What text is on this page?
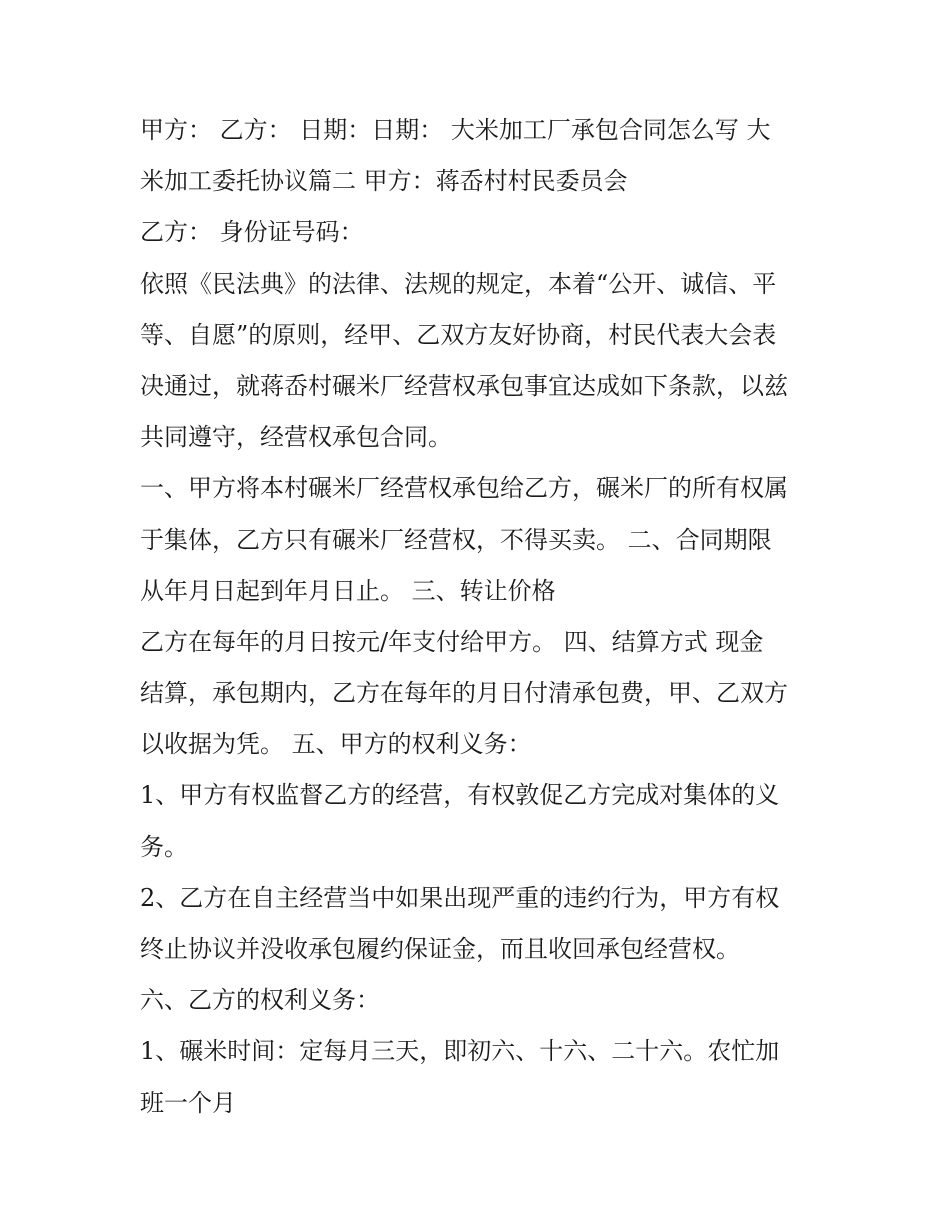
甲方： 乙方： 日期：日期： 大米加工厂承包合同怎么写 大
米加工委托协议篇二 甲方：蒋岙村村民委员会
乙方： 身份证号码：
依照《民法典》的法律、法规的规定，本着“公开、诚信、平
等、自愿”的原则，经甲、乙双方友好协商，村民代表大会表
决通过，就蒋岙村碾米厂经营权承包事宜达成如下条款，以兹
共同遵守，经营权承包合同。
一、甲方将本村碾米厂经营权承包给乙方，碾米厂的所有权属
于集体，乙方只有碾米厂经营权，不得买卖。 二、合同期限
从年月日起到年月日止。 三、转让价格
乙方在每年的月日按元/年支付给甲方。 四、结算方式 现金
结算，承包期内，乙方在每年的月日付清承包费，甲、乙双方
以收据为凭。 五、甲方的权利义务：
1、甲方有权监督乙方的经营，有权敦促乙方完成对集体的义
务。
2、乙方在自主经营当中如果出现严重的违约行为，甲方有权
终止协议并没收承包履约保证金，而且收回承包经营权。
六、乙方的权利义务：
1、碾米时间：定每月三天，即初六、十六、二十六。农忙加
班一个月
